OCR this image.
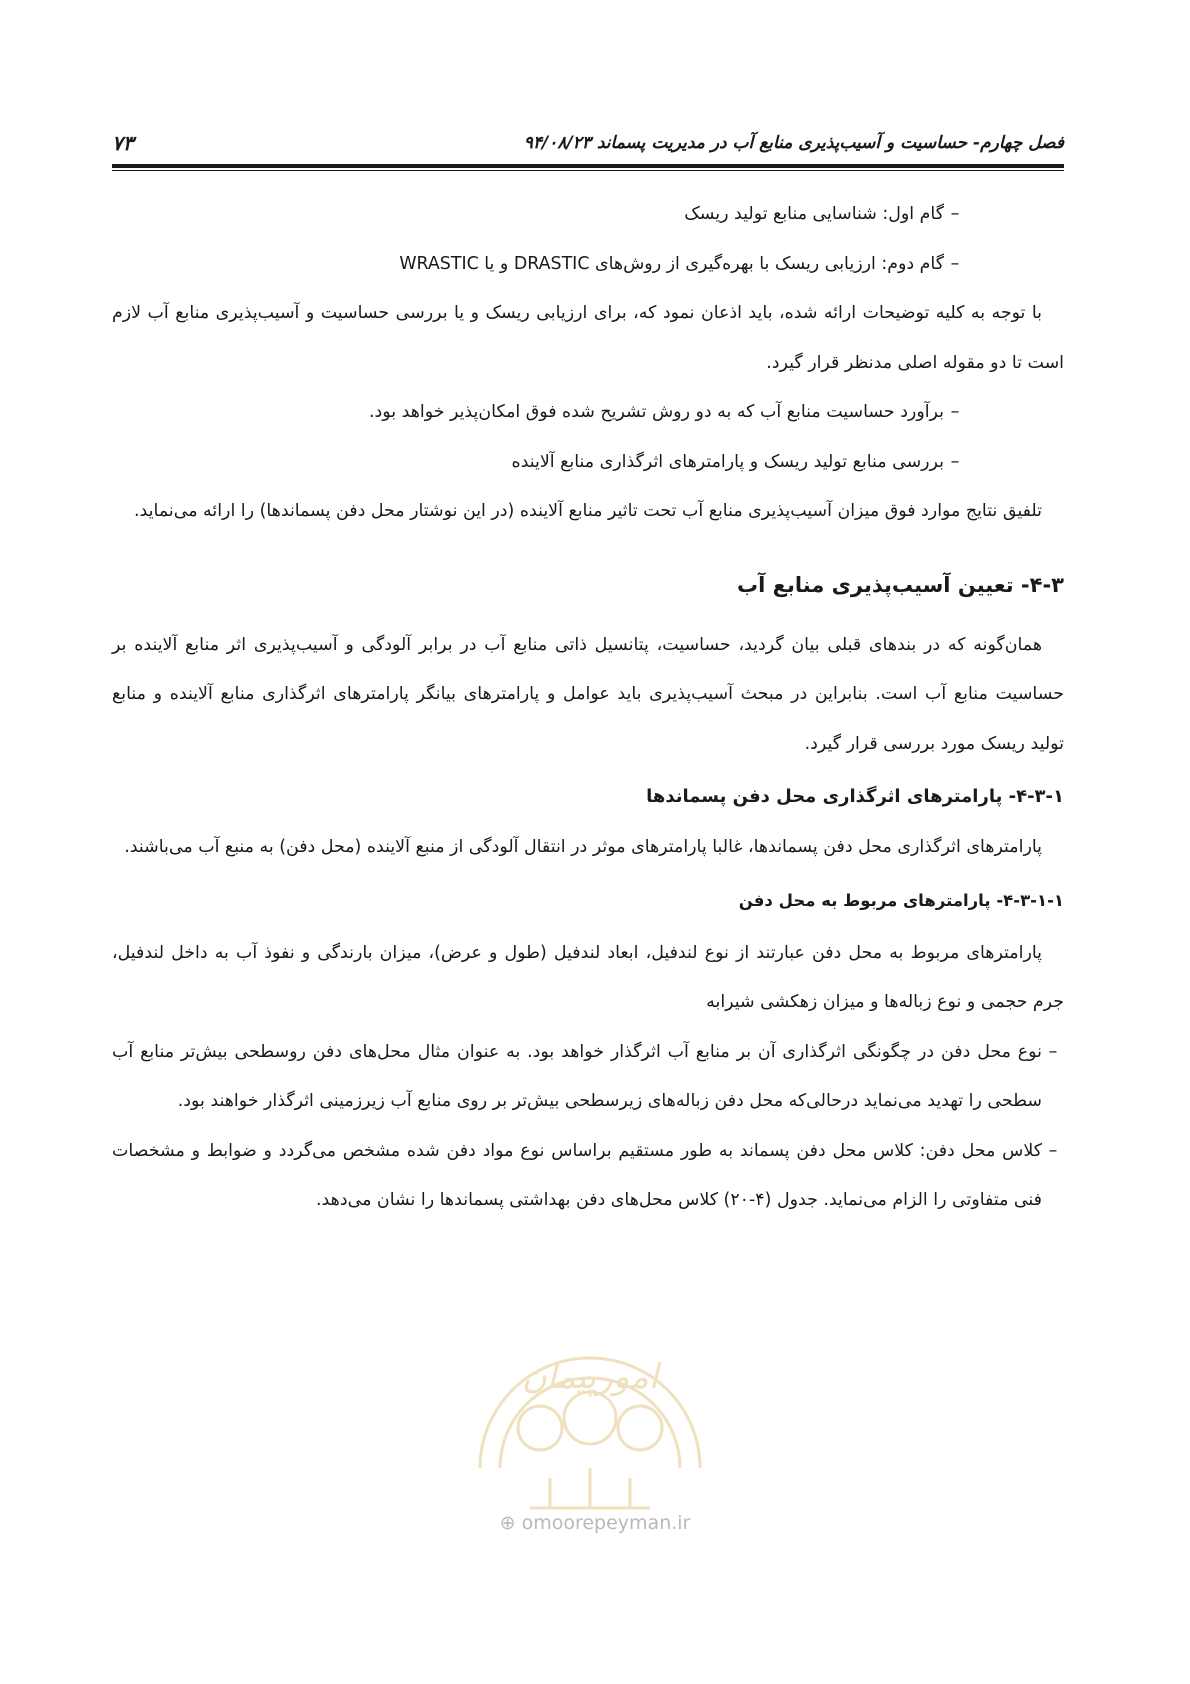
فصل چهارم- حساسیت و آسیب‌پذیری منابع آب در مدیریت پسماند ۹۴/۰۸/۲۳
۷۳
–
گام اول: شناسایی منابع تولید ریسک
–
گام دوم: ارزیابی ریسک با بهره‌گیری از روش‌های DRASTIC و یا WRASTIC

با توجه به کلیه توضیحات ارائه شده، باید اذعان نمود که، برای ارزیابی ریسک و یا بررسی حساسیت و آسیب‌پذیری منابع آب لازم است تا دو مقوله اصلی مدنظر قرار گیرد.

–
برآورد حساسیت منابع آب که به دو روش تشریح شده فوق امکان‌پذیر خواهد بود.
–
بررسی منابع تولید ریسک و پارامترهای اثرگذاری منابع آلاینده

تلفیق نتایج موارد فوق میزان آسیب‌پذیری منابع آب تحت تاثیر منابع آلاینده (در این نوشتار محل دفن پسماندها) را ارائه می‌نماید.

۴-۳- تعیین آسیب‌پذیری منابع آب

همان‌گونه که در بندهای قبلی بیان گردید، حساسیت، پتانسیل ذاتی منابع آب در برابر آلودگی و آسیب‌پذیری اثر منابع آلاینده بر حساسیت منابع آب است. بنابراین در مبحث آسیب‌پذیری باید عوامل و پارامترهای بیانگر پارامترهای اثرگذاری منابع آلاینده و منابع تولید ریسک مورد بررسی قرار گیرد.

۴-۳-۱- پارامترهای اثرگذاری محل دفن پسماندها

پارامترهای اثرگذاری محل دفن پسماندها، غالبا پارامترهای موثر در انتقال آلودگی از منبع آلاینده (محل دفن) به منبع آب می‌باشند.

۴-۳-۱-۱- پارامترهای مربوط به محل دفن

پارامترهای مربوط به محل دفن عبارتند از نوع لندفیل، ابعاد لندفیل (طول و عرض)، میزان بارندگی و نفوذ آب به داخل لندفیل، جرم حجمی و نوع زباله‌ها و میزان زهکشی شیرابه

–
نوع محل دفن در چگونگی اثرگذاری آن بر منابع آب اثرگذار خواهد بود. به عنوان مثال محل‌های دفن روسطحی بیش‌تر منابع آب سطحی را تهدید می‌نماید درحالی‌که محل دفن زباله‌های زیرسطحی بیش‌تر بر روی منابع آب زیرزمینی اثرگذار خواهند بود.
–
کلاس محل دفن: کلاس محل دفن پسماند به طور مستقیم براساس نوع مواد دفن شده مشخص می‌گردد و ضوابط و مشخصات فنی متفاوتی را الزام می‌نماید. جدول (۴-۲۰) کلاس محل‌های دفن بهداشتی پسماندها را نشان می‌دهد.
امورپیمان
⊕ omoorepeyman.ir
